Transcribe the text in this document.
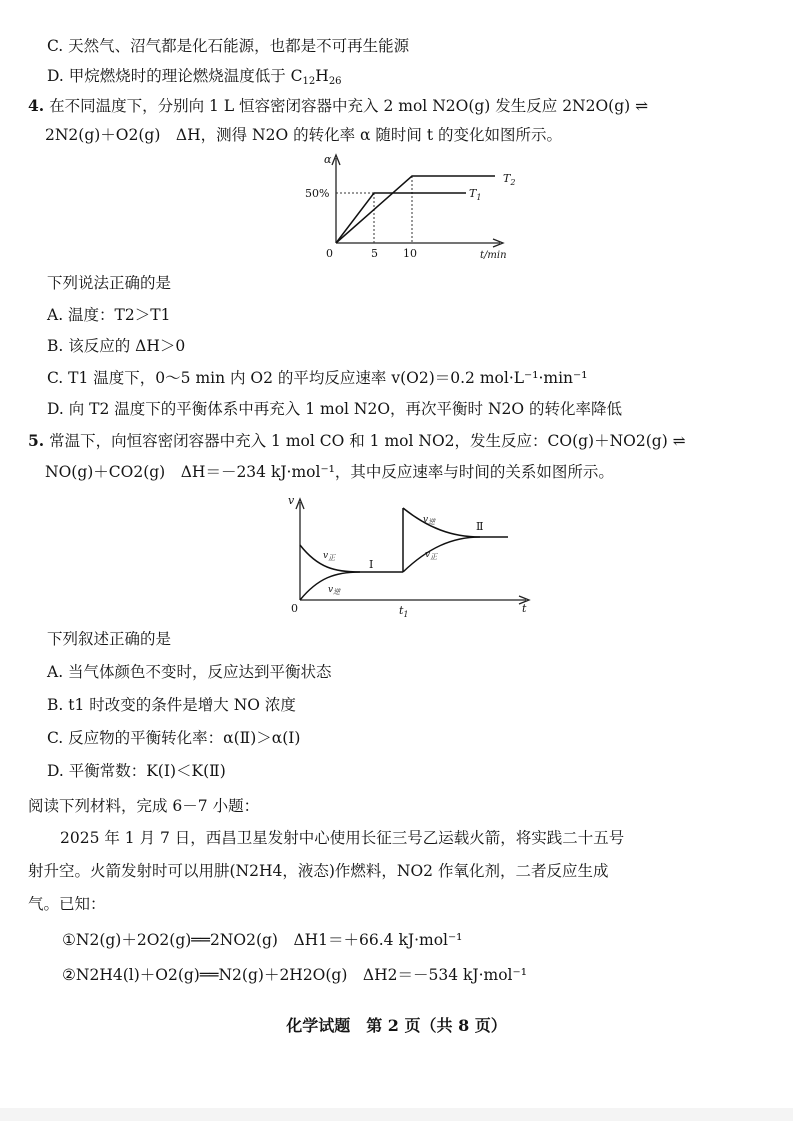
C. 天然气、沼气都是化石能源，也都是不可再生能源
D. 甲烷燃烧时的理论燃烧温度低于 $C_{12}H_{26}$
4. 在不同温度下，分别向 1 L 恒容密闭容器中充入 2 mol N2O(g) 发生反应 2N2O(g) ⇌
2N2(g)＋O2(g)　ΔH，测得 N2O 的转化率 α 随时间 t 的变化如图所示。
α
50%
0	5 10	t/min
$T_2$
$T_1$
下列说法正确的是
A. 温度：T2＞T1
B. 该反应的 ΔH＞0
C. T1 温度下，0～5 min 内 O2 的平均反应速率 v(O2)＝0.2 mol·L⁻¹·min⁻¹
D. 向 T2 温度下的平衡体系中再充入 1 mol N2O，再次平衡时 N2O 的转化率降低
5. 常温下，向恒容密闭容器中充入 1 mol CO 和 1 mol NO2，发生反应：CO(g)＋NO2(g) ⇌
NO(g)＋CO2(g)　ΔH＝－234 kJ·mol⁻¹，其中反应速率与时间的关系如图所示。
v
0	t
$t_1$
$v_正$
$v_逆$
Ⅰ
$v_逆$
$v_正$
Ⅱ
下列叙述正确的是
A. 当气体颜色不变时，反应达到平衡状态
B. t1 时改变的条件是增大 NO 浓度
C. 反应物的平衡转化率：α(Ⅱ)＞α(Ⅰ)
D. 平衡常数：K(Ⅰ)＜K(Ⅱ)
阅读下列材料，完成 6－7 小题：
2025 年 1 月 7 日，西昌卫星发射中心使用长征三号乙运载火箭，将实践二十五号
射升空。火箭发射时可以用肼(N2H4，液态)作燃料，NO2 作氧化剂，二者反应生成
气。已知：
①N2(g)＋2O2(g)══2NO2(g)　ΔH1＝＋66.4 kJ·mol⁻¹
②N2H4(l)＋O2(g)══N2(g)＋2H2O(g)　ΔH2＝－534 kJ·mol⁻¹
化学试题　第 2 页（共 8 页）
